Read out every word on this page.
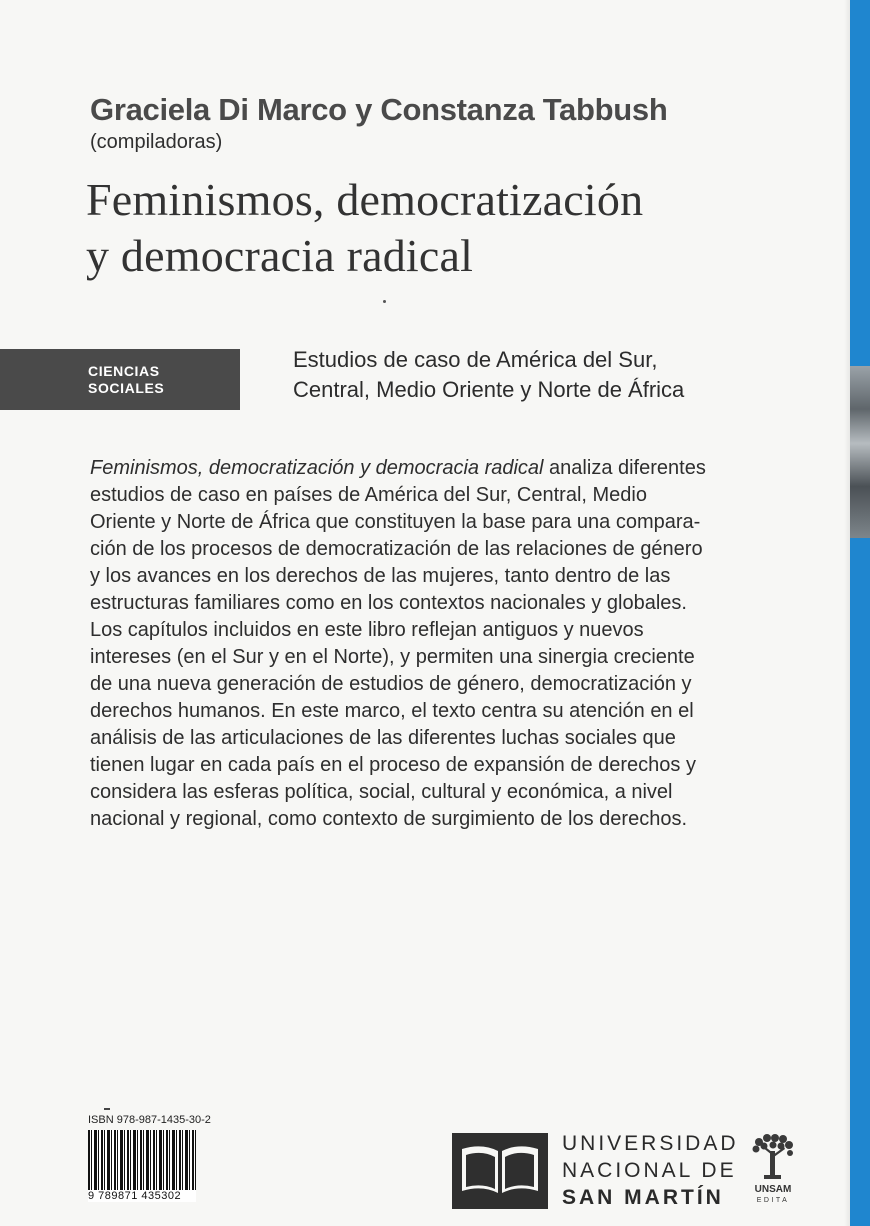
Graciela Di Marco y Constanza Tabbush
(compiladoras)
Feminismos, democratización
y democracia radical
CIENCIAS
SOCIALES
Estudios de caso de América del Sur,
Central, Medio Oriente y Norte de África
Feminismos, democratización y democracia radical analiza diferentes
estudios de caso en países de América del Sur, Central, Medio
Oriente y Norte de África que constituyen la base para una compara-
ción de los procesos de democratización de las relaciones de género
y los avances en los derechos de las mujeres, tanto dentro de las
estructuras familiares como en los contextos nacionales y globales.
Los capítulos incluidos en este libro reflejan antiguos y nuevos
intereses (en el Sur y en el Norte), y permiten una sinergia creciente
de una nueva generación de estudios de género, democratización y
derechos humanos. En este marco, el texto centra su atención en el
análisis de las articulaciones de las diferentes luchas sociales que
tienen lugar en cada país en el proceso de expansión de derechos y
considera las esferas política, social, cultural y económica, a nivel
nacional y regional, como contexto de surgimiento de los derechos.
ISBN 978-987-1435-30-2
9 789871 435302
UNIVERSIDAD
NACIONAL DE
SAN MARTÍN	UNSAM
EDITA
